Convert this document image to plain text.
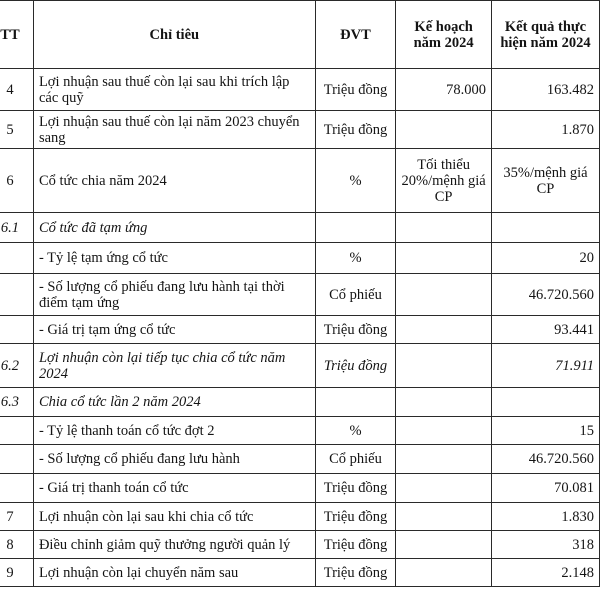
TT	Chỉ tiêu	ĐVT	Kế hoạch năm 2024	Kết quả thực hiện năm 2024
4	Lợi nhuận sau thuế còn lại sau khi trích lập các quỹ	Triệu đồng	78.000	163.482
5	Lợi nhuận sau thuế còn lại năm 2023 chuyển sang	Triệu đồng		1.870
6	Cổ tức chia năm 2024	%	Tối thiểu 20%/mệnh giá CP	35%/mệnh giá CP
6.1	Cổ tức đã tạm ứng			
	- Tỷ lệ tạm ứng cổ tức	%		20
	- Số lượng cổ phiếu đang lưu hành tại thời điểm tạm ứng	Cổ phiếu		46.720.560
	- Giá trị tạm ứng cổ tức	Triệu đồng		93.441
6.2	Lợi nhuận còn lại tiếp tục chia cổ tức năm 2024	Triệu đồng		71.911
6.3	Chia cổ tức lần 2 năm 2024			
	- Tỷ lệ thanh toán cổ tức đợt 2	%		15
	- Số lượng cổ phiếu đang lưu hành	Cổ phiếu		46.720.560
	- Giá trị thanh toán cổ tức	Triệu đồng		70.081
7	Lợi nhuận còn lại sau khi chia cổ tức	Triệu đồng		1.830
8	Điều chỉnh giảm quỹ thưởng người quản lý	Triệu đồng		318
9	Lợi nhuận còn lại chuyển năm sau	Triệu đồng		2.148
